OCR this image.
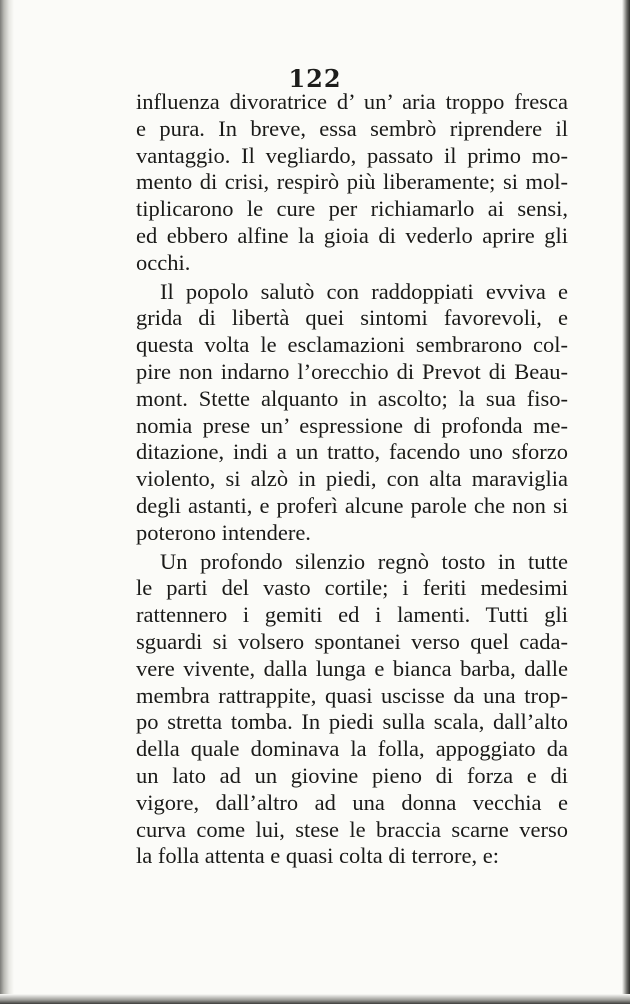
122
influenza divoratrice d’ un’ aria troppo fresca
e pura. In breve, essa sembrò riprendere il
vantaggio. Il vegliardo, passato il primo mo-
mento di crisi, respirò più liberamente; si mol-
tiplicarono le cure per richiamarlo ai sensi,
ed ebbero alfine la gioia di vederlo aprire gli
occhi.
Il popolo salutò con raddoppiati evviva e
grida di libertà quei sintomi favorevoli, e
questa volta le esclamazioni sembrarono col-
pire non indarno l’orecchio di Prevot di Beau-
mont. Stette alquanto in ascolto; la sua fiso-
nomia prese un’ espressione di profonda me-
ditazione, indi a un tratto, facendo uno sforzo
violento, si alzò in piedi, con alta maraviglia
degli astanti, e proferì alcune parole che non si
poterono intendere.
Un profondo silenzio regnò tosto in tutte
le parti del vasto cortile; i feriti medesimi
rattennero i gemiti ed i lamenti. Tutti gli
sguardi si volsero spontanei verso quel cada-
vere vivente, dalla lunga e bianca barba, dalle
membra rattrappite, quasi uscisse da una trop-
po stretta tomba. In piedi sulla scala, dall’alto
della quale dominava la folla, appoggiato da
un lato ad un giovine pieno di forza e di
vigore, dall’altro ad una donna vecchia e
curva come lui, stese le braccia scarne verso
la folla attenta e quasi colta di terrore, e:
